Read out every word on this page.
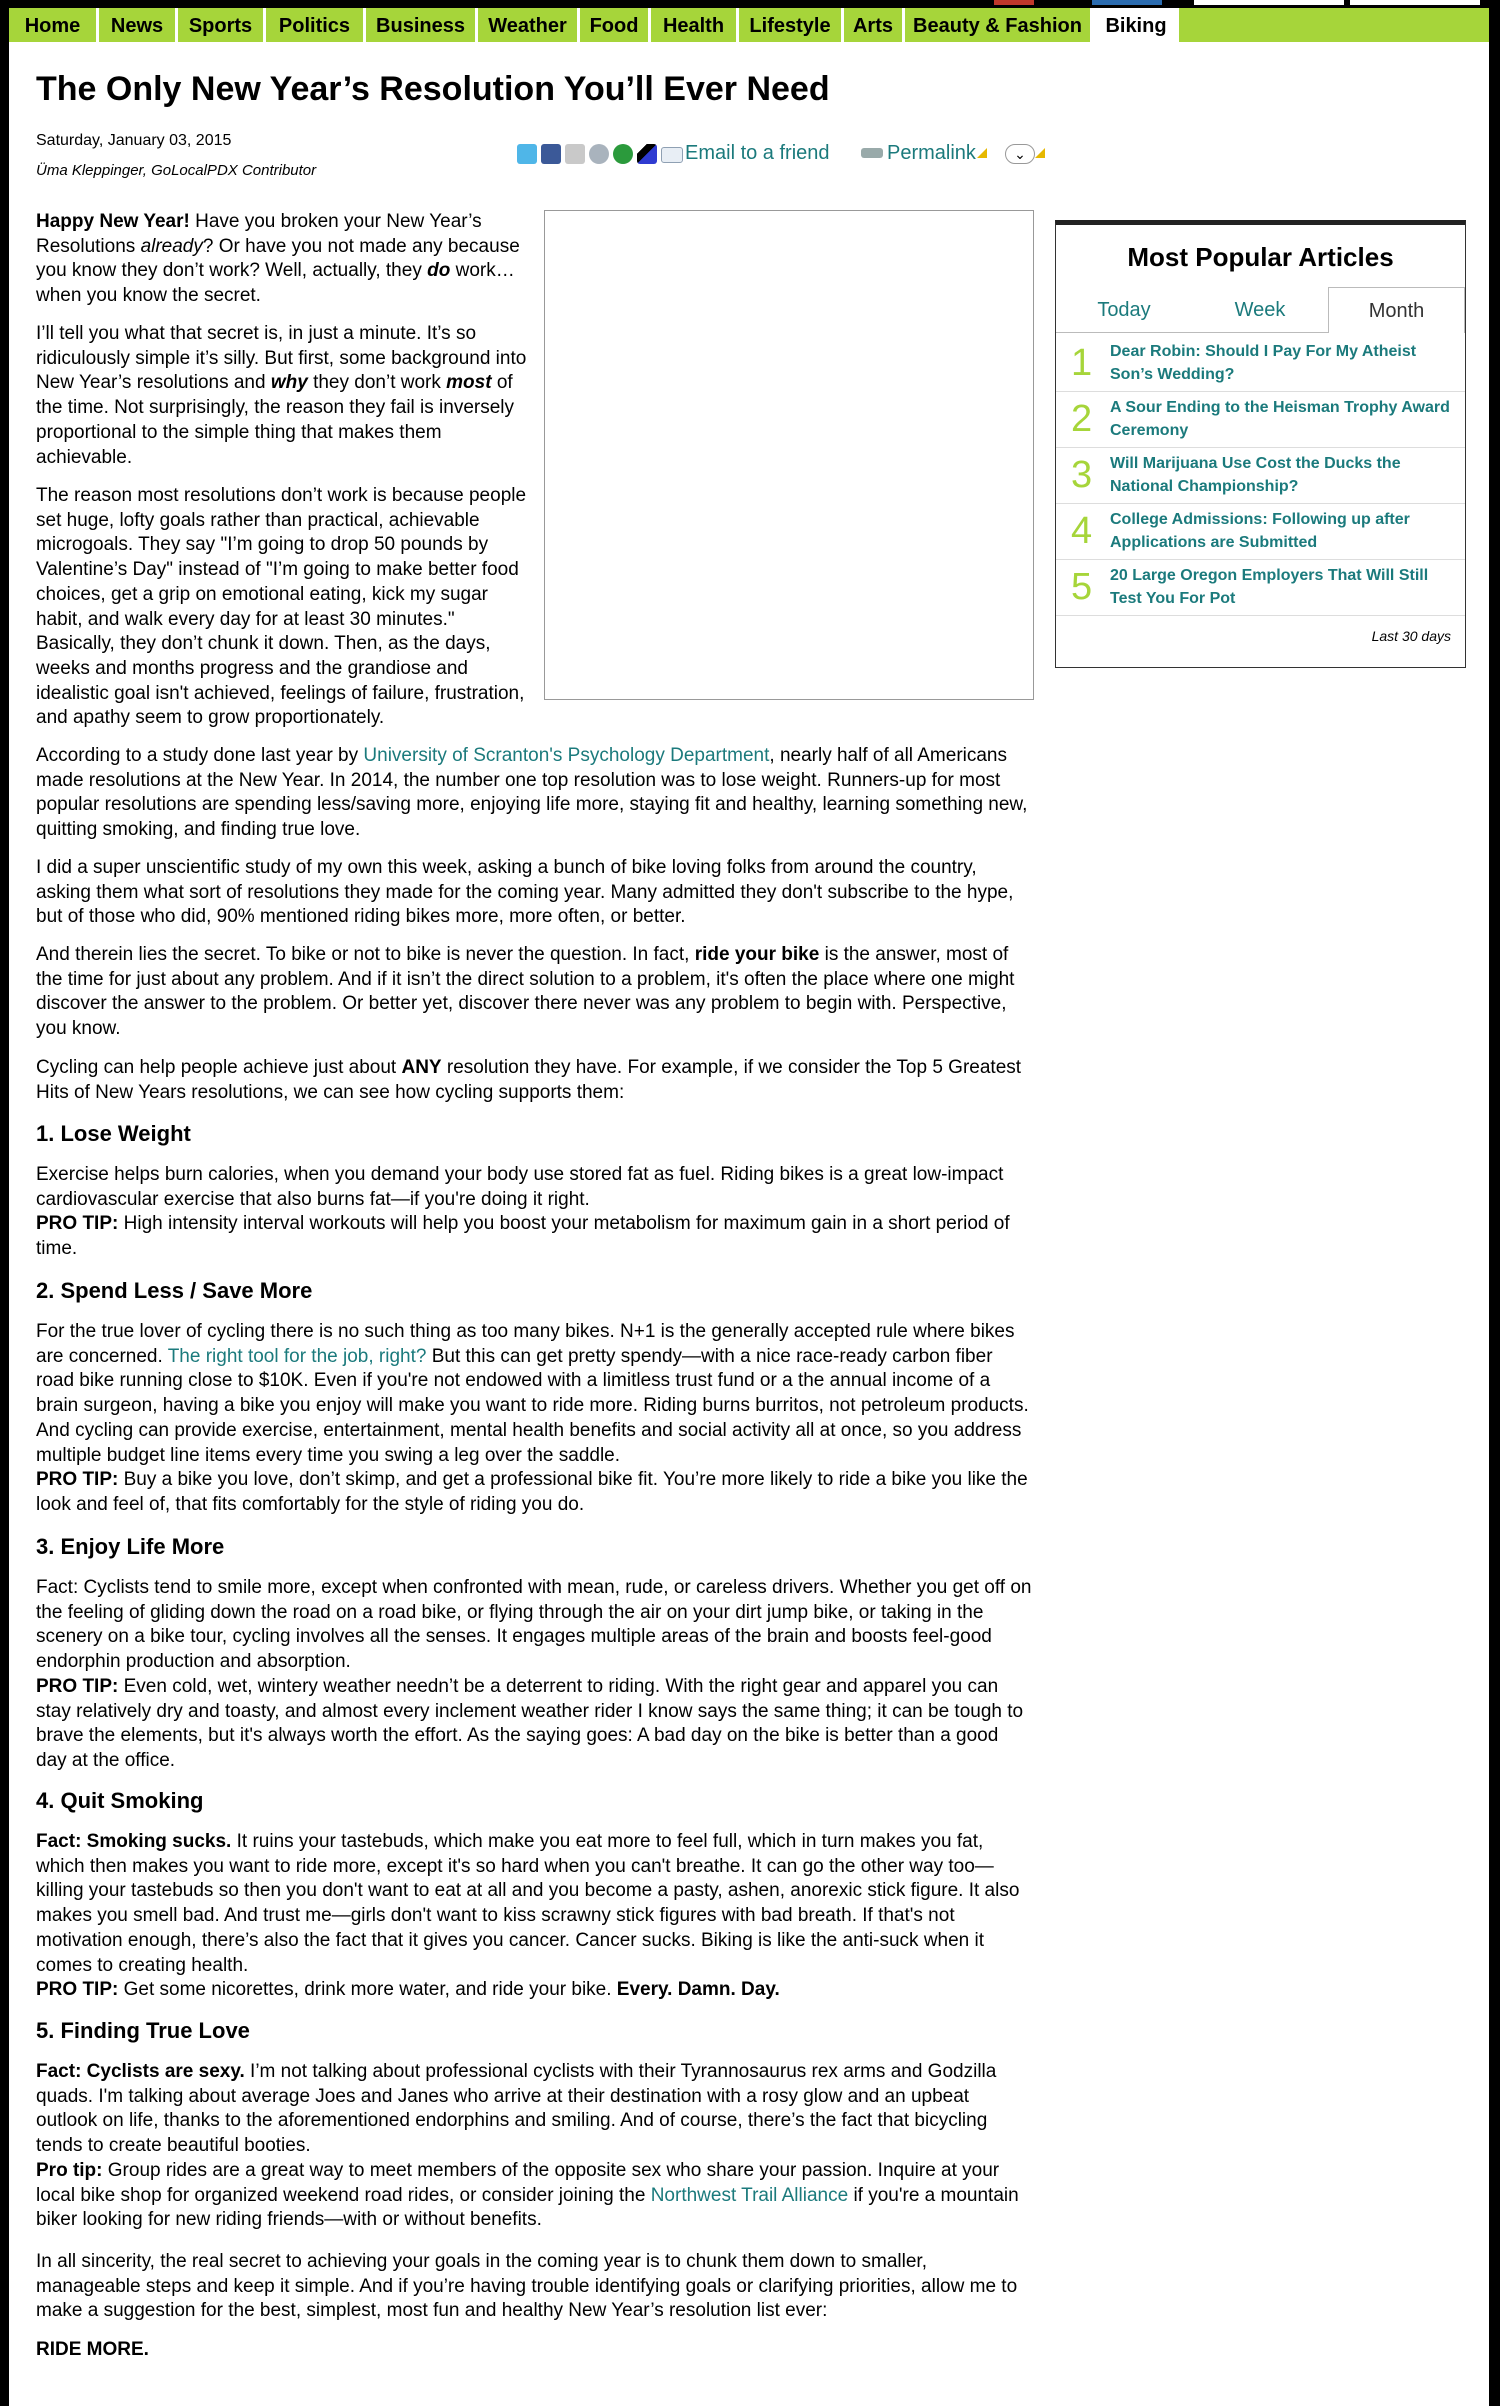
Home	News	Sports	Politics	Business	Weather	Food	Health	Lifestyle	Arts	Beauty & Fashion	Biking
The Only New Year’s Resolution You’ll Ever Need
Saturday, January 03, 2015
Üma Kleppinger, GoLocalPDX Contributor
Email to a friend	Permalink	⌄
Most Popular Articles
Today	Week	Month
1 Dear Robin: Should I Pay For My Atheist Son’s Wedding?
2 A Sour Ending to the Heisman Trophy Award Ceremony
3 Will Marijuana Use Cost the Ducks the National Championship?
4 College Admissions: Following up after Applications are Submitted
5 20 Large Oregon Employers That Will Still Test You For Pot
Last 30 days

Happy New Year! Have you broken your New Year’s Resolutions already? Or have you not made any because you know they don’t work? Well, actually, they do work… when you know the secret.

I’ll tell you what that secret is, in just a minute. It’s so ridiculously simple it’s silly. But first, some background into New Year’s resolutions and why they don’t work most of the time. Not surprisingly, the reason they fail is inversely proportional to the simple thing that makes them achievable.

The reason most resolutions don’t work is because people set huge, lofty goals rather than practical, achievable microgoals. They say "I’m going to drop 50 pounds by Valentine’s Day" instead of "I’m going to make better food choices, get a grip on emotional eating, kick my sugar habit, and walk every day for at least 30 minutes." Basically, they don’t chunk it down. Then, as the days, weeks and months progress and the grandiose and idealistic goal isn't achieved, feelings of failure, frustration, and apathy seem to grow proportionately.

According to a study done last year by University of Scranton's Psychology Department, nearly half of all Americans made resolutions at the New Year. In 2014, the number one top resolution was to lose weight. Runners-up for most popular resolutions are spending less/saving more, enjoying life more, staying fit and healthy, learning something new, quitting smoking, and finding true love.

I did a super unscientific study of my own this week, asking a bunch of bike loving folks from around the country, asking them what sort of resolutions they made for the coming year. Many admitted they don't subscribe to the hype, but of those who did, 90% mentioned riding bikes more, more often, or better.

And therein lies the secret. To bike or not to bike is never the question. In fact, ride your bike is the answer, most of the time for just about any problem. And if it isn’t the direct solution to a problem, it's often the place where one might discover the answer to the problem. Or better yet, discover there never was any problem to begin with. Perspective, you know.

Cycling can help people achieve just about ANY resolution they have. For example, if we consider the Top 5 Greatest Hits of New Years resolutions, we can see how cycling supports them:

1. Lose Weight

Exercise helps burn calories, when you demand your body use stored fat as fuel. Riding bikes is a great low-impact cardiovascular exercise that also burns fat—if you're doing it right.
PRO TIP: High intensity interval workouts will help you boost your metabolism for maximum gain in a short period of time.

2. Spend Less / Save More

For the true lover of cycling there is no such thing as too many bikes. N+1 is the generally accepted rule where bikes are concerned. The right tool for the job, right? But this can get pretty spendy—with a nice race-ready carbon fiber road bike running close to $10K. Even if you're not endowed with a limitless trust fund or a the annual income of a brain surgeon, having a bike you enjoy will make you want to ride more. Riding burns burritos, not petroleum products. And cycling can provide exercise, entertainment, mental health benefits and social activity all at once, so you address multiple budget line items every time you swing a leg over the saddle.
PRO TIP: Buy a bike you love, don’t skimp, and get a professional bike fit. You’re more likely to ride a bike you like the look and feel of, that fits comfortably for the style of riding you do.

3. Enjoy Life More

Fact: Cyclists tend to smile more, except when confronted with mean, rude, or careless drivers. Whether you get off on the feeling of gliding down the road on a road bike, or flying through the air on your dirt jump bike, or taking in the scenery on a bike tour, cycling involves all the senses. It engages multiple areas of the brain and boosts feel-good endorphin production and absorption.
PRO TIP: Even cold, wet, wintery weather needn’t be a deterrent to riding. With the right gear and apparel you can stay relatively dry and toasty, and almost every inclement weather rider I know says the same thing; it can be tough to brave the elements, but it's always worth the effort. As the saying goes: A bad day on the bike is better than a good day at the office.

4. Quit Smoking

Fact: Smoking sucks. It ruins your tastebuds, which make you eat more to feel full, which in turn makes you fat, which then makes you want to ride more, except it's so hard when you can't breathe. It can go the other way too—killing your tastebuds so then you don't want to eat at all and you become a pasty, ashen, anorexic stick figure. It also makes you smell bad. And trust me—girls don't want to kiss scrawny stick figures with bad breath. If that's not motivation enough, there’s also the fact that it gives you cancer. Cancer sucks. Biking is like the anti-suck when it comes to creating health.
PRO TIP: Get some nicorettes, drink more water, and ride your bike. Every. Damn. Day.

5. Finding True Love

Fact: Cyclists are sexy. I’m not talking about professional cyclists with their Tyrannosaurus rex arms and Godzilla quads. I'm talking about average Joes and Janes who arrive at their destination with a rosy glow and an upbeat outlook on life, thanks to the aforementioned endorphins and smiling. And of course, there’s the fact that bicycling tends to create beautiful booties.
Pro tip: Group rides are a great way to meet members of the opposite sex who share your passion. Inquire at your local bike shop for organized weekend road rides, or consider joining the Northwest Trail Alliance if you're a mountain biker looking for new riding friends—with or without benefits.

In all sincerity, the real secret to achieving your goals in the coming year is to chunk them down to smaller, manageable steps and keep it simple. And if you’re having trouble identifying goals or clarifying priorities, allow me to make a suggestion for the best, simplest, most fun and healthy New Year’s resolution list ever:

RIDE MORE.
